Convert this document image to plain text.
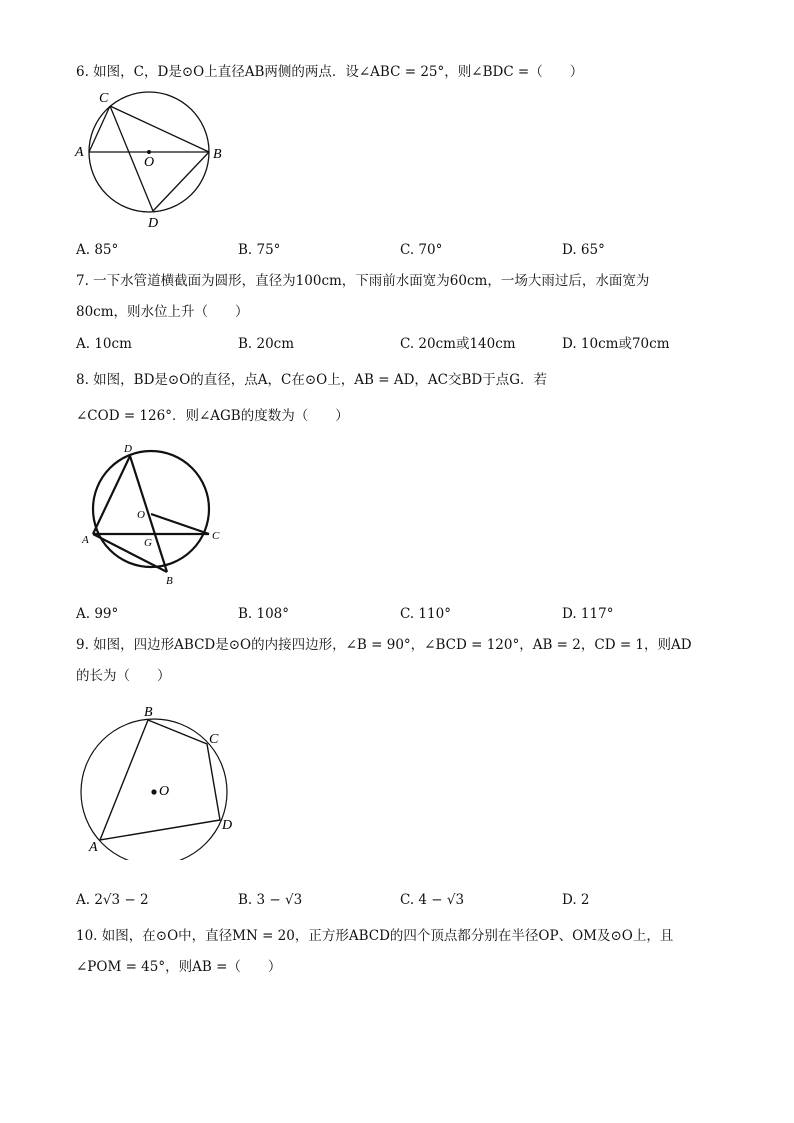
6. 如图，C，D是⊙O上直径AB两侧的两点．设∠ABC = 25°，则∠BDC =（　　）
C
A
O
B
D
A. 85°	B. 75°	C. 70°	D. 65°
7. 一下水管道横截面为圆形，直径为100cm，下雨前水面宽为60cm，一场大雨过后，水面宽为
80cm，则水位上升（　　）
A. 10cm	B. 20cm	C. 20cm或140cm	D. 10cm或70cm
8. 如图，BD是⊙O的直径，点A，C在⊙O上，AB = AD，AC交BD于点G．若
∠COD = 126°．则∠AGB的度数为（　　）
D
O
C
A	G
B
A. 99°	B. 108°	C. 110°	D. 117°
9. 如图，四边形ABCD是⊙O的内接四边形，∠B = 90°，∠BCD = 120°，AB = 2，CD = 1，则AD
的长为（　　）
B
C
O
D
A
A. 2√3 − 2	B. 3 − √3	C. 4 − √3	D. 2
10. 如图，在⊙O中，直径MN = 20，正方形ABCD的四个顶点都分别在半径OP、OM及⊙O上，且
∠POM = 45°，则AB =（　　）
